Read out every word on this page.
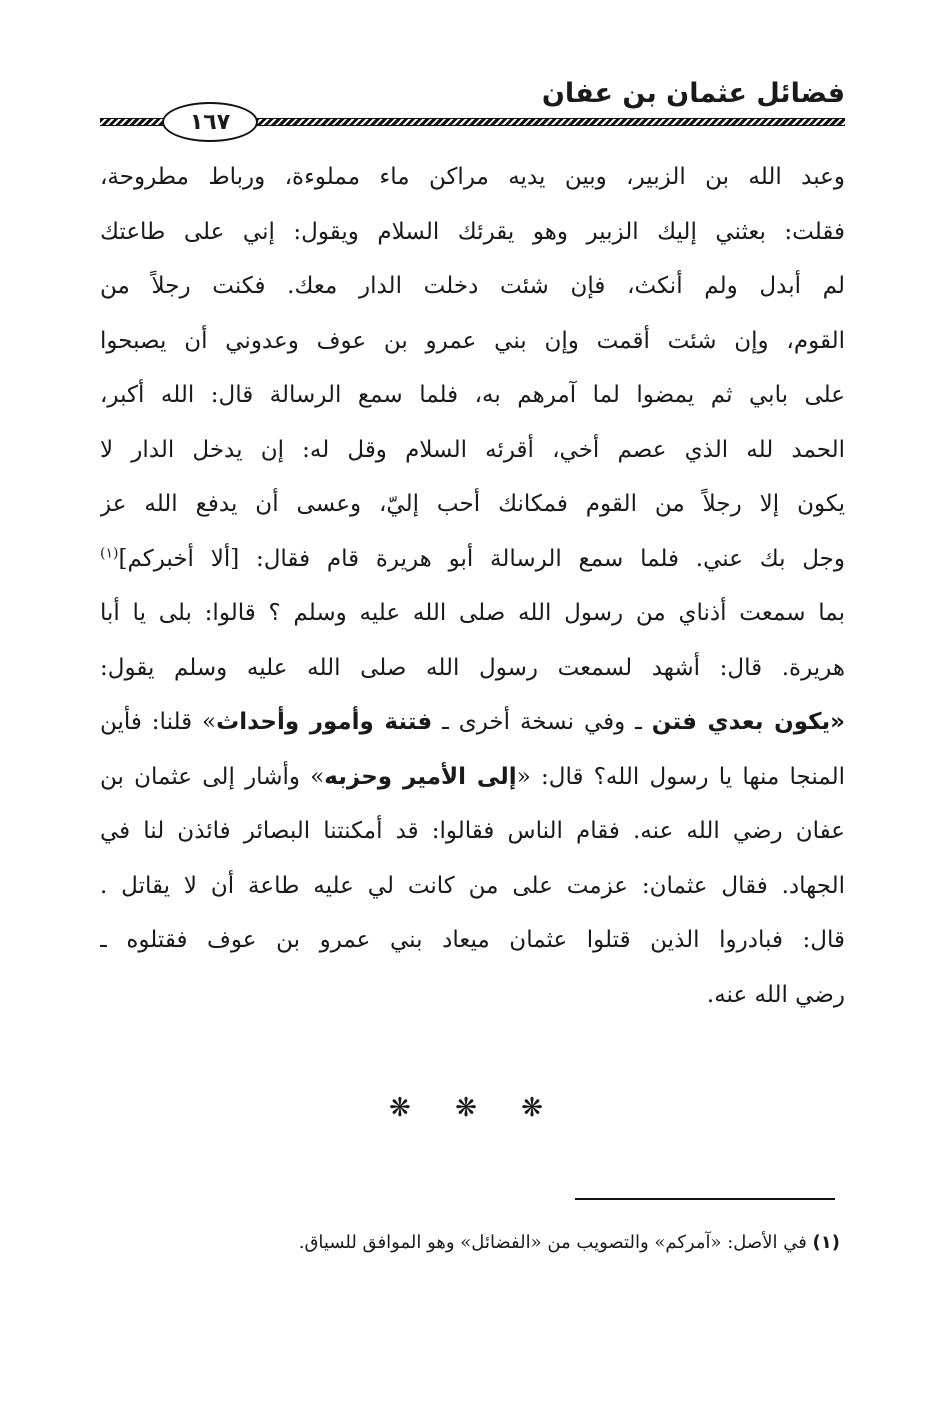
فضائل عثمان بن عفان
١٦٧
وعبد الله بن الزبير، وبين يديه مراكن ماء مملوءة، ورباط مطروحة،
فقلت: بعثني إليك الزبير وهو يقرئك السلام ويقول: إني على طاعتك
لم أبدل ولم أنكث، فإن شئت دخلت الدار معك. فكنت رجلاً من
القوم، وإن شئت أقمت وإن بني عمرو بن عوف وعدوني أن يصبحوا
على بابي ثم يمضوا لما آمرهم به، فلما سمع الرسالة قال: الله أكبر،
الحمد لله الذي عصم أخي، أقرئه السلام وقل له: إن يدخل الدار لا
يكون إلا رجلاً من القوم فمكانك أحب إليّ، وعسى أن يدفع الله عز
وجل بك عني. فلما سمع الرسالة أبو هريرة قام فقال: [ألا أخبركم]$^{(١)}$
بما سمعت أذناي من رسول الله صلى الله عليه وسلم ؟ قالوا: بلى يا أبا
هريرة. قال: أشهد لسمعت رسول الله صلى الله عليه وسلم يقول:
«يكون بعدي فتن ـ وفي نسخة أخرى ـ فتنة وأمور وأحداث» قلنا: فأين
المنجا منها يا رسول الله؟ قال: «إلى الأمير وحزبه» وأشار إلى عثمان بن
عفان رضي الله عنه. فقام الناس فقالوا: قد أمكنتنا البصائر فائذن لنا في
الجهاد. فقال عثمان: عزمت على من كانت لي عليه طاعة أن لا يقاتل .
قال: فبادروا الذين قتلوا عثمان ميعاد بني عمرو بن عوف فقتلوه ـ
رضي الله عنه.
❋ ❋ ❋
(١) في الأصل: «آمركم» والتصويب من «الفضائل» وهو الموافق للسياق.
